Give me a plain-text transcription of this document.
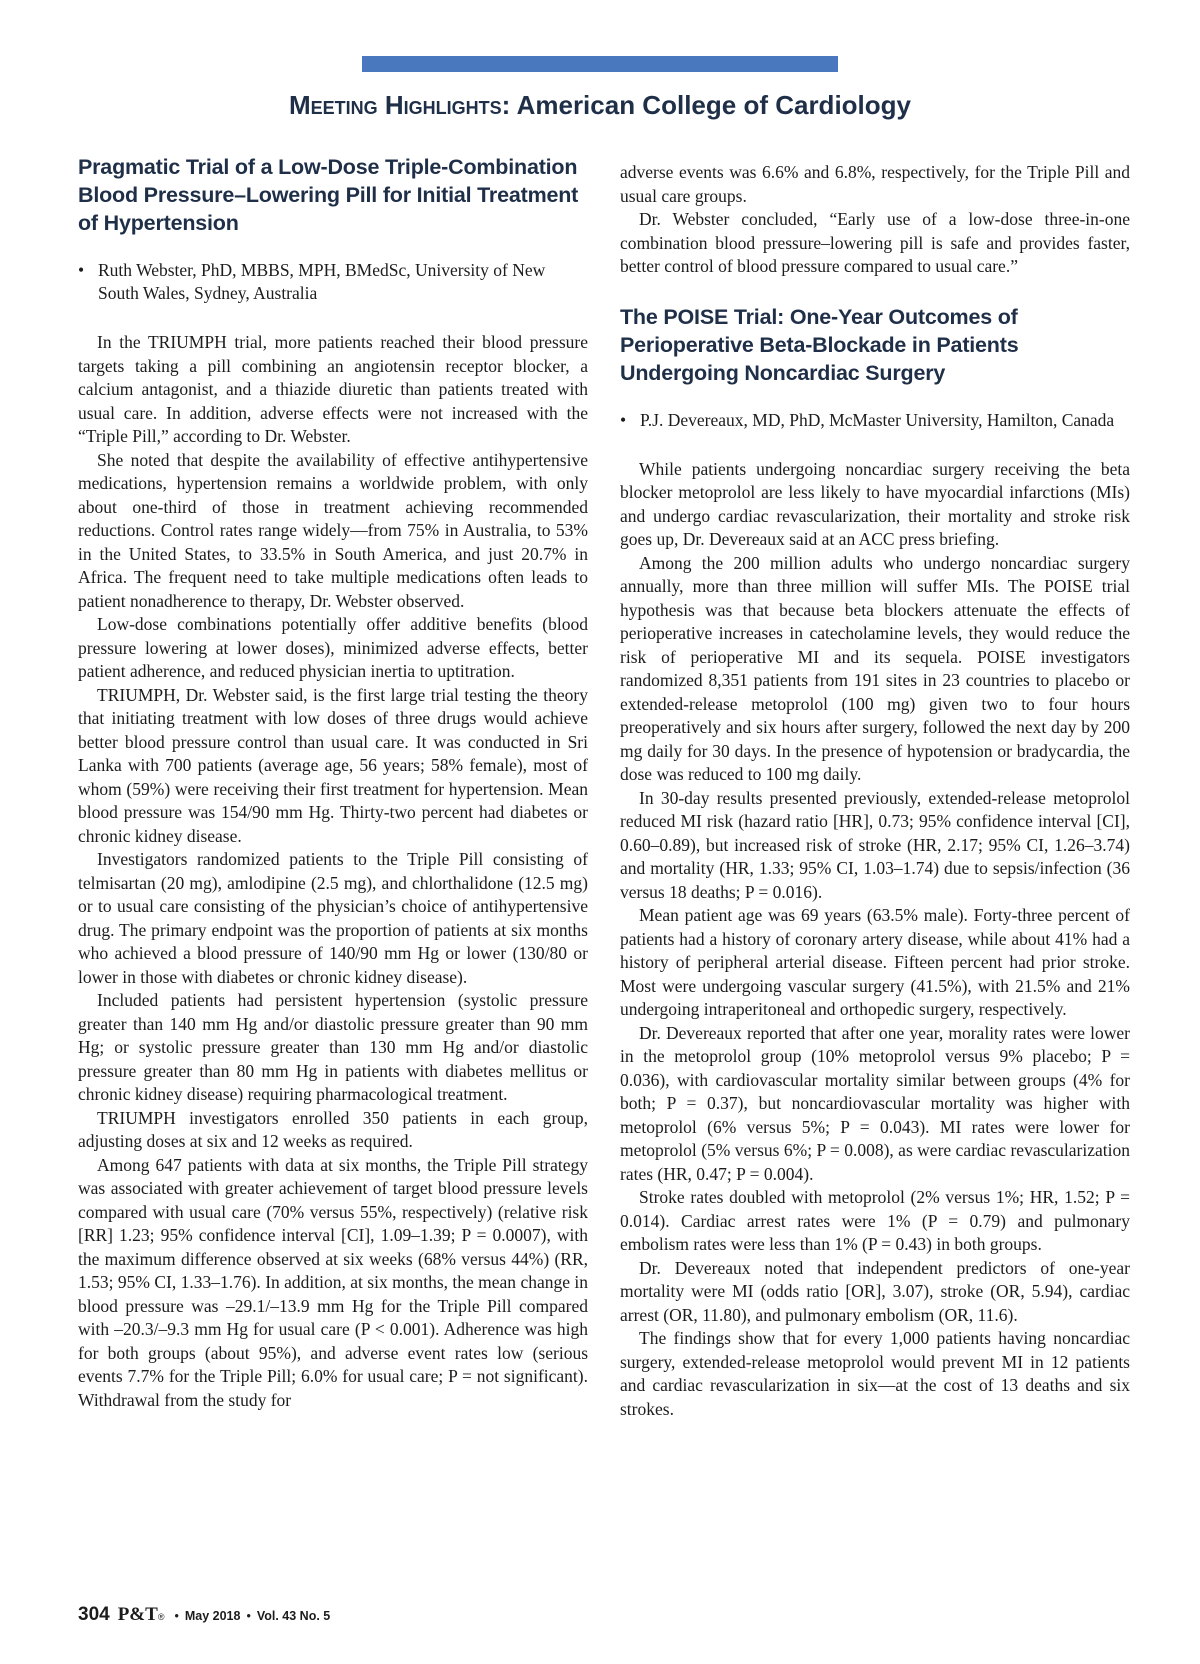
Meeting Highlights: American College of Cardiology
Pragmatic Trial of a Low-Dose Triple-Combination Blood Pressure–Lowering Pill for Initial Treatment of Hypertension
• Ruth Webster, PhD, MBBS, MPH, BMedSc, University of New South Wales, Sydney, Australia

In the TRIUMPH trial, more patients reached their blood pressure targets taking a pill combining an angiotensin receptor blocker, a calcium antagonist, and a thiazide diuretic than patients treated with usual care. In addition, adverse effects were not increased with the “Triple Pill,” according to Dr. Webster.

She noted that despite the availability of effective antihypertensive medications, hypertension remains a worldwide problem, with only about one-third of those in treatment achieving recommended reductions. Control rates range widely—from 75% in Australia, to 53% in the United States, to 33.5% in South America, and just 20.7% in Africa. The frequent need to take multiple medications often leads to patient nonadherence to therapy, Dr. Webster observed.

Low-dose combinations potentially offer additive benefits (blood pressure lowering at lower doses), minimized adverse effects, better patient adherence, and reduced physician inertia to uptitration.

TRIUMPH, Dr. Webster said, is the first large trial testing the theory that initiating treatment with low doses of three drugs would achieve better blood pressure control than usual care. It was conducted in Sri Lanka with 700 patients (average age, 56 years; 58% female), most of whom (59%) were receiving their first treatment for hypertension. Mean blood pressure was 154/90 mm Hg. Thirty-two percent had diabetes or chronic kidney disease.

Investigators randomized patients to the Triple Pill consisting of telmisartan (20 mg), amlodipine (2.5 mg), and chlorthalidone (12.5 mg) or to usual care consisting of the physician’s choice of antihypertensive drug. The primary endpoint was the proportion of patients at six months who achieved a blood pressure of 140/90 mm Hg or lower (130/80 or lower in those with diabetes or chronic kidney disease).

Included patients had persistent hypertension (systolic pressure greater than 140 mm Hg and/or diastolic pressure greater than 90 mm Hg; or systolic pressure greater than 130 mm Hg and/or diastolic pressure greater than 80 mm Hg in patients with diabetes mellitus or chronic kidney disease) requiring pharmacological treatment.

TRIUMPH investigators enrolled 350 patients in each group, adjusting doses at six and 12 weeks as required.

Among 647 patients with data at six months, the Triple Pill strategy was associated with greater achievement of target blood pressure levels compared with usual care (70% versus 55%, respectively) (relative risk [RR] 1.23; 95% confidence interval [CI], 1.09–1.39; P = 0.0007), with the maximum difference observed at six weeks (68% versus 44%) (RR, 1.53; 95% CI, 1.33–1.76). In addition, at six months, the mean change in blood pressure was –29.1/–13.9 mm Hg for the Triple Pill compared with –20.3/–9.3 mm Hg for usual care (P < 0.001). Adherence was high for both groups (about 95%), and adverse event rates low (serious events 7.7% for the Triple Pill; 6.0% for usual care; P = not significant). Withdrawal from the study for

adverse events was 6.6% and 6.8%, respectively, for the Triple Pill and usual care groups.

Dr. Webster concluded, “Early use of a low-dose three-in-one combination blood pressure–lowering pill is safe and provides faster, better control of blood pressure compared to usual care.”

The POISE Trial: One-Year Outcomes of Perioperative Beta-Blockade in Patients Undergoing Noncardiac Surgery
• P.J. Devereaux, MD, PhD, McMaster University, Hamilton, Canada

While patients undergoing noncardiac surgery receiving the beta blocker metoprolol are less likely to have myocardial infarctions (MIs) and undergo cardiac revascularization, their mortality and stroke risk goes up, Dr. Devereaux said at an ACC press briefing.

Among the 200 million adults who undergo noncardiac surgery annually, more than three million will suffer MIs. The POISE trial hypothesis was that because beta blockers attenuate the effects of perioperative increases in catecholamine levels, they would reduce the risk of perioperative MI and its sequela. POISE investigators randomized 8,351 patients from 191 sites in 23 countries to placebo or extended-release metoprolol (100 mg) given two to four hours preoperatively and six hours after surgery, followed the next day by 200 mg daily for 30 days. In the presence of hypotension or bradycardia, the dose was reduced to 100 mg daily.

In 30-day results presented previously, extended-release metoprolol reduced MI risk (hazard ratio [HR], 0.73; 95% confidence interval [CI], 0.60–0.89), but increased risk of stroke (HR, 2.17; 95% CI, 1.26–3.74) and mortality (HR, 1.33; 95% CI, 1.03–1.74) due to sepsis/infection (36 versus 18 deaths; P = 0.016).

Mean patient age was 69 years (63.5% male). Forty-three percent of patients had a history of coronary artery disease, while about 41% had a history of peripheral arterial disease. Fifteen percent had prior stroke. Most were undergoing vascular surgery (41.5%), with 21.5% and 21% undergoing intraperitoneal and orthopedic surgery, respectively.

Dr. Devereaux reported that after one year, morality rates were lower in the metoprolol group (10% metoprolol versus 9% placebo; P = 0.036), with cardiovascular mortality similar between groups (4% for both; P = 0.37), but noncardiovascular mortality was higher with metoprolol (6% versus 5%; P = 0.043). MI rates were lower for metoprolol (5% versus 6%; P = 0.008), as were cardiac revascularization rates (HR, 0.47; P = 0.004).

Stroke rates doubled with metoprolol (2% versus 1%; HR, 1.52; P = 0.014). Cardiac arrest rates were 1% (P = 0.79) and pulmonary embolism rates were less than 1% (P = 0.43) in both groups.

Dr. Devereaux noted that independent predictors of one-year mortality were MI (odds ratio [OR], 3.07), stroke (OR, 5.94), cardiac arrest (OR, 11.80), and pulmonary embolism (OR, 11.6).

The findings show that for every 1,000 patients having noncardiac surgery, extended-release metoprolol would prevent MI in 12 patients and cardiac revascularization in six—at the cost of 13 deaths and six strokes.

304 P&T® • May 2018 • Vol. 43 No. 5
